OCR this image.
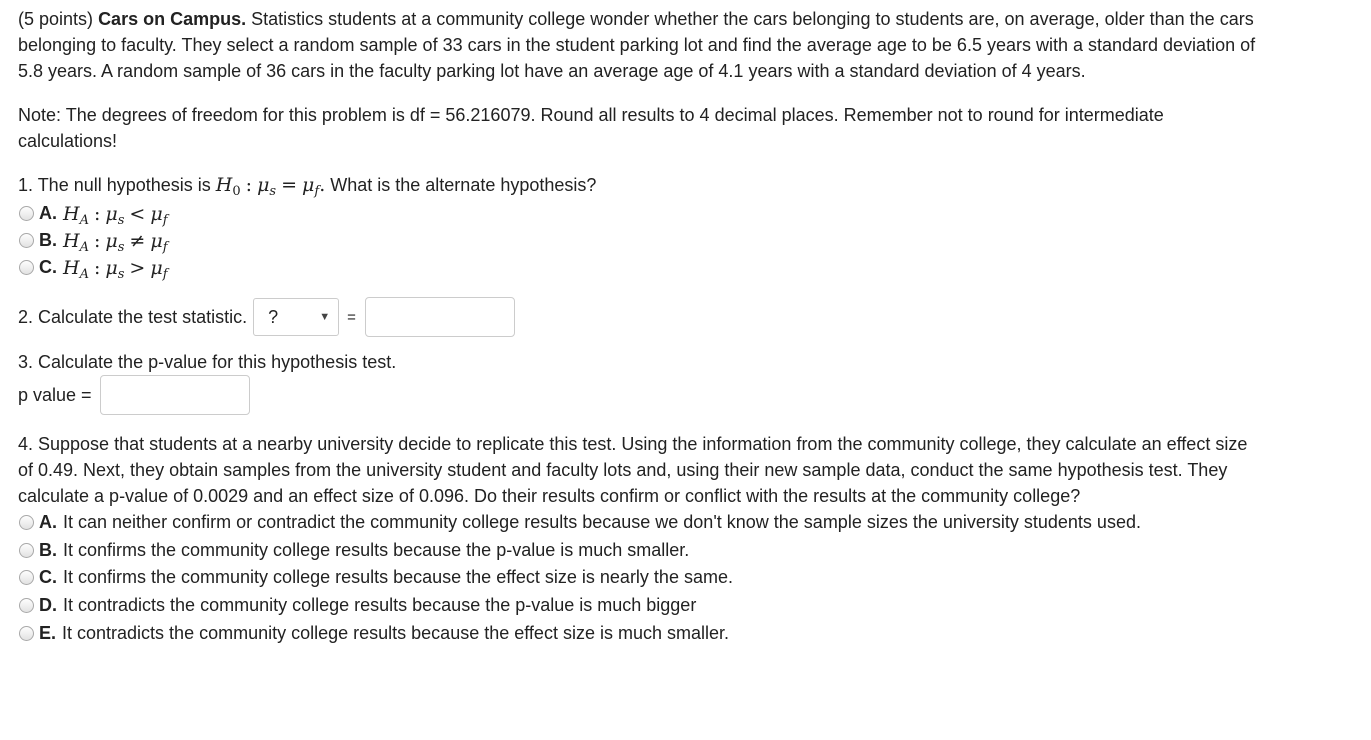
(5 points) Cars on Campus. Statistics students at a community college wonder whether the cars belonging to students are, on average, older than the cars belonging to faculty. They select a random sample of 33 cars in the student parking lot and find the average age to be 6.5 years with a standard deviation of 5.8 years. A random sample of 36 cars in the faculty parking lot have an average age of 4.1 years with a standard deviation of 4 years.

Note: The degrees of freedom for this problem is df = 56.216079. Round all results to 4 decimal places. Remember not to round for intermediate calculations!

1. The null hypothesis is
$H_0$ : $\mu_s = \mu_f$.
What is the alternate hypothesis?
A. $H_A$ : $\mu_s < \mu_f$
B. $H_A$ : $\mu_s \ne \mu_f$
C. $H_A$ : $\mu_s > \mu_f$
2. Calculate the test statistic. ?	▼ =
3. Calculate the p-value for this hypothesis test.
p value =

4. Suppose that students at a nearby university decide to replicate this test. Using the information from the community college, they calculate an effect size of 0.49. Next, they obtain samples from the university student and faculty lots and, using their new sample data, conduct the same hypothesis test. They calculate a p-value of 0.0029 and an effect size of 0.096. Do their results confirm or conflict with the results at the community college?

A. It can neither confirm or contradict the community college results because we don't know the sample sizes the university students used.
B. It confirms the community college results because the p-value is much smaller.
C. It confirms the community college results because the effect size is nearly the same.
D. It contradicts the community college results because the p-value is much bigger
E. It contradicts the community college results because the effect size is much smaller.
